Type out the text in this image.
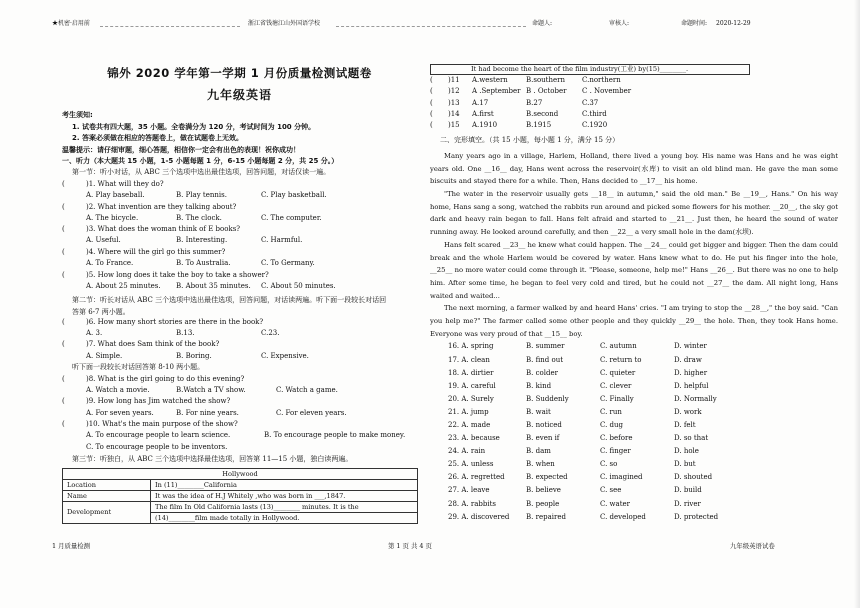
★机密·启用前	浙江省钱塘江山外国语学校	命题人:	审核人:	命题时间: 2020-12-29
锦外 2020 学年第一学期 1 月份质量检测试题卷
九年级英语
考生须知:
1. 试卷共有四大题，35 小题。全卷满分为 120 分，考试时间为 100 分钟。
2. 答案必须做在相应的答题卷上，做在试题卷上无效。
温馨提示：请仔细审题，细心答题，相信你一定会有出色的表现！祝你成功！
一、听力（本大题共 15 小题，1-5 小题每题 1 分，6-15 小题每题 2 分，共 25 分。）
第一节：听小对话，从 ABC 三个选项中选出最佳选项，回答问题，对话仅读一遍。
(	)1. What will they do?
A. Play baseball.	B. Play tennis.	C. Play basketball.
(	)2. What invention are they talking about?
A. The bicycle.	B. The clock.	C. The computer.
(	)3. What does the woman think of E books?
A. Useful.	B. Interesting.	C. Harmful.
(	)4. Where will the girl go this summer?
A. To France.	B. To Australia.	C. To Germany.
(	)5. How long does it take the boy to take a shower?
A. About 25 minutes.	B. About 35 minutes.	C. About 50 minutes.
第二节：听长对话从 ABC 三个选项中选出最佳选项，回答问题，对话读两遍。听下面一段较长对话回
答第 6-7 两小题。
(	)6. How many short stories are there in the book?
A. 3.	B.13.	C.23.
(	)7. What does Sam think of the book?
A. Simple.	B. Boring.	C. Expensive.
听下面一段较长对话回答第 8-10 两小题。
(	)8. What is the girl going to do this evening?
A. Watch a movie.	B.Watch a TV show.	C. Watch a game.
(	)9. How long has Jim watched the show?
A. For seven years.	B. For nine years.	C. For eleven years.
(	)10. What's the main purpose of the show?
A. To encourage people to learn science.	B. To encourage people to make money.
C. To encourage people to be inventors.
第三节：听独白，从 ABC 三个选项中选择最佳选项，回答第 11—15 小题，独白读两遍。
Hollywood	
Location	In (11)________California
Name	It was the idea of H.J Whitely ,who was born in ___,1847.
Development	The film In Old California lasts (13)________ minutes. It is the
	(14)________film made totally in Hollywood.
It had become the heart of the film industry(工业) by(15)________.
(	)11	A.western	B.southern	C.northern
(	)12	A .September B . October	C . November
(	)13	A.17	B.27	C.37
(	)14	A.first	B.second	C.third
(	)15	A.1910	B.1915	C.1920
二、完形填空。（共 15 小题，每小题 1 分，满分 15 分）

Many years ago in a village, Harlem, Holland, there lived a young boy. His name was Hans and he was eight years old. One __16__ day, Hans went across the reservoir(水库) to visit an old blind man. He gave the man some biscuits and stayed there for a while. Then, Hans decided to __17__ his home.

"The water in the reservoir usually gets __18__ in autumn," said the old man." Be __19__, Hans." On his way home, Hans sang a song, watched the rabbits run around and picked some flowers for his mother. __20__, the sky got dark and heavy rain began to fall. Hans felt afraid and started to __21__. Just then, he heard the sound of water running away. He looked around carefully, and then __22__ a very small hole in the dam(水坝).

Hans felt scared __23__ he knew what could happen. The __24__ could get bigger and bigger. Then the dam could break and the whole Harlem would be covered by water. Hans knew what to do. He put his finger into the hole, __25__ no more water could come through it. "Please, someone, help me!" Hans __26__. But there was no one to help him. After some time, he began to feel very cold and tired, but he could not __27__ the dam. All night long, Hans waited and waited...

The next morning, a farmer walked by and heard Hans' cries. "I am trying to stop the __28__," the boy said. "Can you help me?" The farmer called some other people and they quickly __29__ the hole. Then, they took Hans home. Everyone was very proud of that __15__ boy.

16. A. spring	B. summer	C. autumn	D. winter
17. A. clean	B. find out	C. return to	D. draw
18. A. dirtier	B. colder	C. quieter	D. higher
19. A. careful	B. kind	C. clever	D. helpful
20. A. Surely	B. Suddenly	C. Finally	D. Normally
21. A. jump	B. wait	C. run	D. work
22. A. made	B. noticed	C. dug	D. felt
23. A. because	B. even if	C. before	D. so that
24. A. rain	B. dam	C. finger	D. hole
25. A. unless	B. when	C. so	D. but
26. A. regretted	B. expected	C. imagined	D. shouted
27. A. leave	B. believe	C. see	D. build
28. A. rabbits	B. people	C. water	D. river
29. A. discovered	B. repaired	C. developed	D. protected
1 月质量检测	第 1 页 共 4 页	九年级英语试卷
